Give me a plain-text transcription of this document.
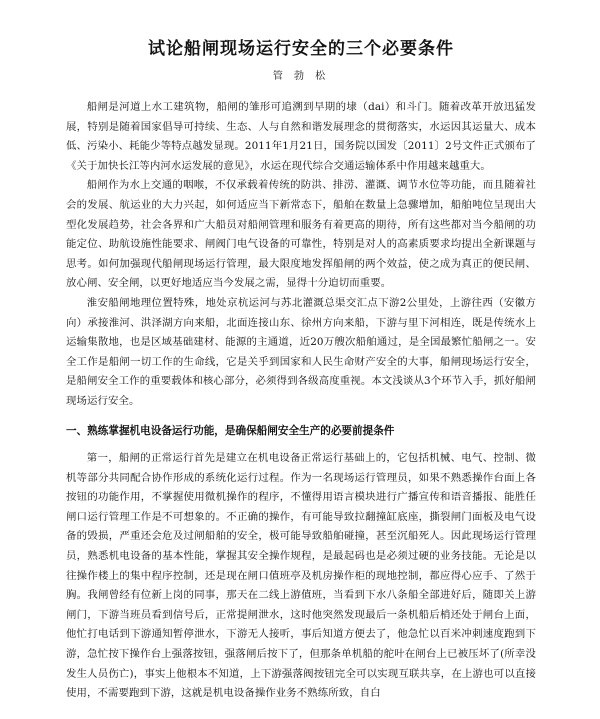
试论船闸现场运行安全的三个必要条件
管 勃 松

船闸是河道上水工建筑物，船闸的雏形可追溯到早期的埭（dai）和斗门。随着改革开放迅猛发展，特别是随着国家倡导可持续、生态、人与自然和谐发展理念的贯彻落实，水运因其运量大、成本低、污染小、耗能少等特点越发显现。2011年1月21日，国务院以国发〔2011〕2号文件正式颁布了《关于加快长江等内河水运发展的意见》，水运在现代综合交通运输体系中作用越来越重大。

船闸作为水上交通的咽喉，不仅承载着传统的防洪、排涝、灌溉、调节水位等功能，而且随着社会的发展、航运业的大力兴起，如何适应当下新常态下，船舶在数量上急骤增加，船舶吨位呈现出大型化发展趋势，社会各界和广大船员对船闸管理和服务有着更高的期待，所有这些都对当今船闸的功能定位、助航设施性能要求、闸阀门电气设备的可靠性，特别是对人的高素质要求均提出全新课题与思考。如何加强现代船闸现场运行管理，最大限度地发挥船闸的两个效益，使之成为真正的便民闸、放心闸、安全闸，以更好地适应当今发展之需，显得十分迫切而重要。

淮安船闸地理位置特殊，地处京杭运河与苏北灌溉总渠交汇点下游2公里处，上游往西（安徽方向）承接淮河、洪泽湖方向来船，北面连接山东、徐州方向来船，下游与里下河相连，既是传统水上运输集散地，也是区域基础建材、能源的主通道，近20万艘次船舶通过，是全国最繁忙船闸之一。安全工作是船闸一切工作的生命线，它是关乎到国家和人民生命财产安全的大事，船闸现场运行安全，是船闸安全工作的重要载体和核心部分，必须得到各级高度重视。本文浅谈从3个环节入手，抓好船闸现场运行安全。

一、熟练掌握机电设备运行功能，是确保船闸安全生产的必要前提条件

第一，船闸的正常运行首先是建立在机电设备正常运行基础上的，它包括机械、电气、控制、微机等部分共同配合协作形成的系统化运行过程。作为一名现场运行管理员，如果不熟悉操作台面上各按钮的功能作用，不掌握使用微机操作的程序，不懂得用语言模块进行广播宣传和语音播报、能胜任闸口运行管理工作是不可想象的。不正确的操作，有可能导致拉翻撞缸底座，撕裂闸门面板及电气设备的毁损，严重还会危及过闸船舶的安全，极可能导致船舶碰撞，甚至沉船死人。因此现场运行管理员，熟悉机电设备的基本性能，掌握其安全操作规程，是最起码也是必须过硬的业务技能。无论是以往操作楼上的集中程序控制，还是现在闸口值班亭及机房操作柜的现地控制，都应得心应手、了然于胸。我闸曾经有位新上岗的同事，那天在二线上游值班，当看到下水八条船全部进好后，随即关上游闸门，下游当班员看到信号后，正常提闸泄水，这时他突然发现最后一条机船后梢还处于闸台上面，他忙打电话到下游通知暂停泄水，下游无人接听，事后知道方便去了，他急忙以百米冲刺速度跑到下游，急忙按下操作台上强落按钮，强落闸后按下了，但那条单机船的舵叶在闸台上已被压坏了(所幸没发生人员伤亡)，事实上他根本不知道，上下游强落阀按钮完全可以实现互联共享，在上游也可以直接使用，不需要跑到下游，这就是机电设备操作业务不熟练所致，自白
